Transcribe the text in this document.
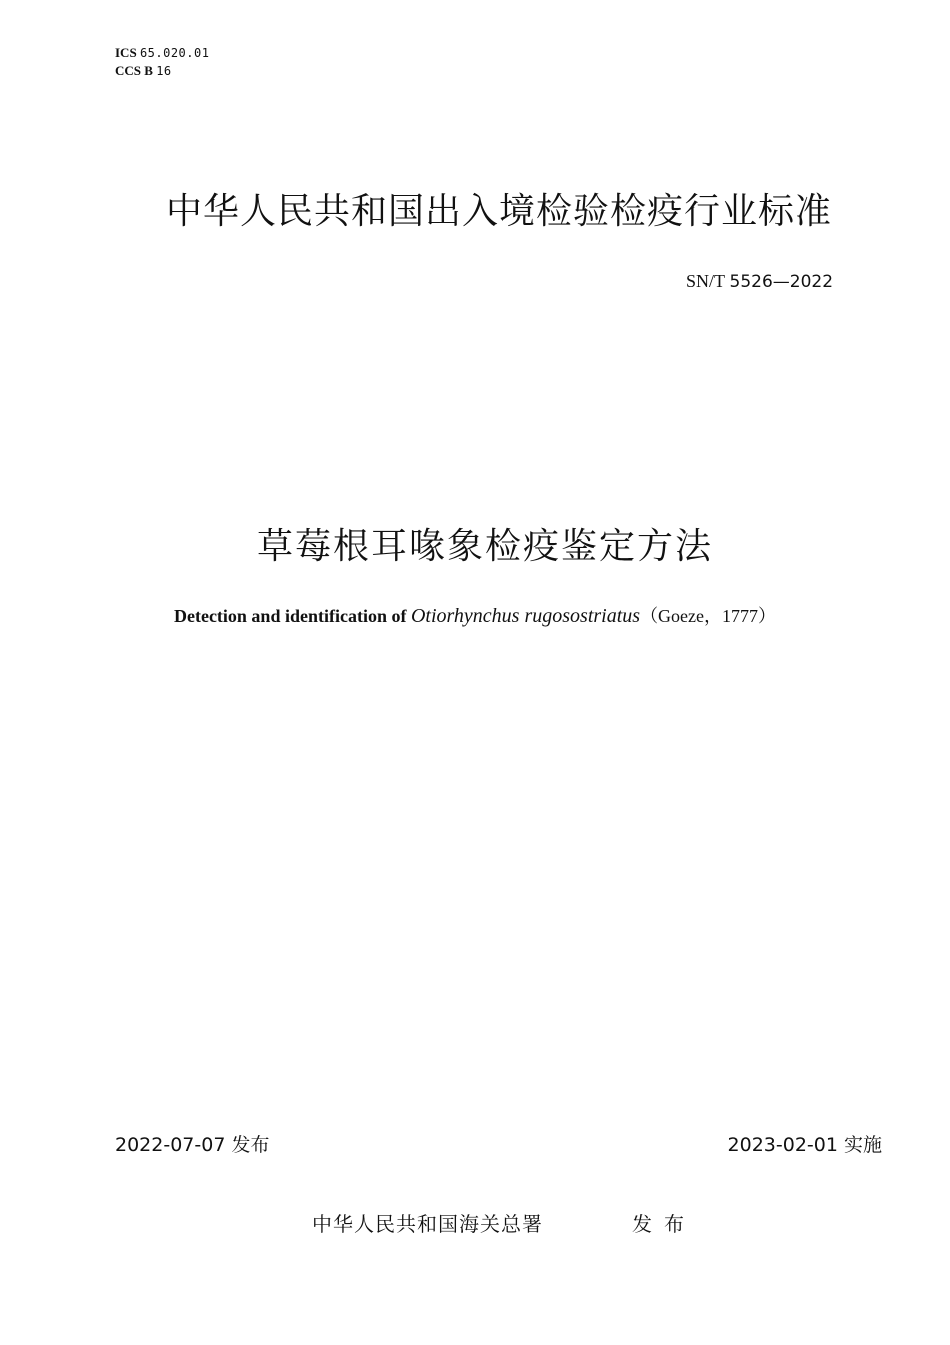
ICS 65.020.01
CCS B 16
中华人民共和国出入境检验检疫行业标准
SN/T 5526—2022
草莓根耳喙象检疫鉴定方法
Detection and identification of Otiorhynchus rugosostriatus（Goeze，1777）
2022-07-07 发布	2023-02-01 实施
中华人民共和国海关总署	发布
